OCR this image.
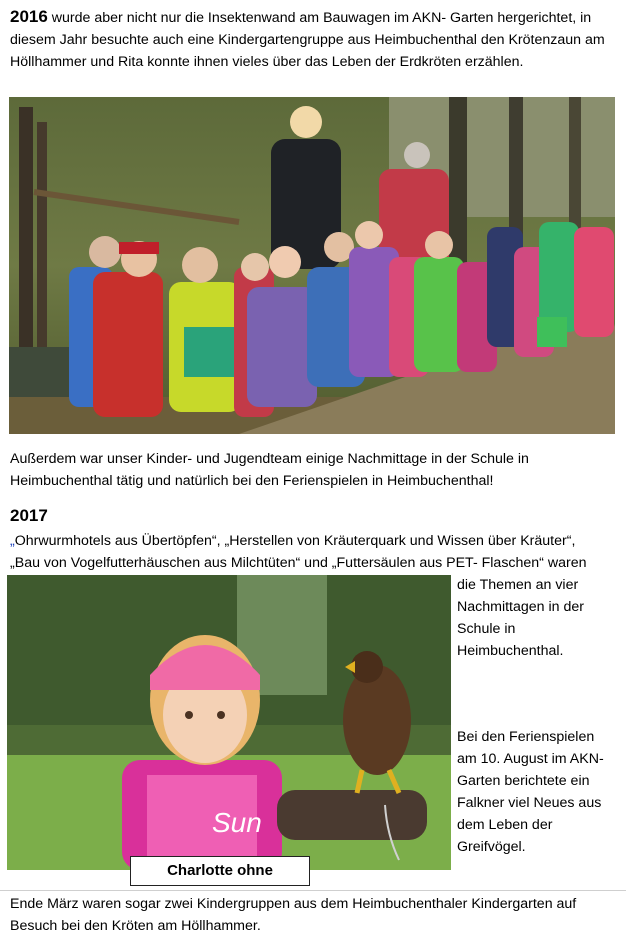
2016 wurde aber nicht nur die Insektenwand am Bauwagen im AKN- Garten hergerichtet, in diesem Jahr besuchte auch eine Kindergartengruppe aus Heimbuchenthal den Krötenzaun am Höllhammer und Rita konnte ihnen vieles über das Leben der Erdkröten erzählen.

Außerdem war unser Kinder- und Jugendteam einige Nachmittage in der Schule in Heimbuchenthal tätig und natürlich bei den Ferienspielen in Heimbuchenthal!

2017
„Ohrwurmhotels aus Übertöpfen“, „Herstellen von Kräuterquark und Wissen über Kräuter“,
„Bau von Vogelfutterhäuschen aus Milchtüten“ und „Futtersäulen aus PET- Flaschen“ waren
Sun
Charlotte ohne

die Themen an vier Nachmittagen in der Schule in Heimbuchenthal.

Bei den Ferienspielen am 10. August im AKN-Garten berichtete ein Falkner viel Neues aus dem Leben der Greifvögel.

Ende März waren sogar zwei Kindergruppen aus dem Heimbuchenthaler Kindergarten auf Besuch bei den Kröten am Höllhammer.
